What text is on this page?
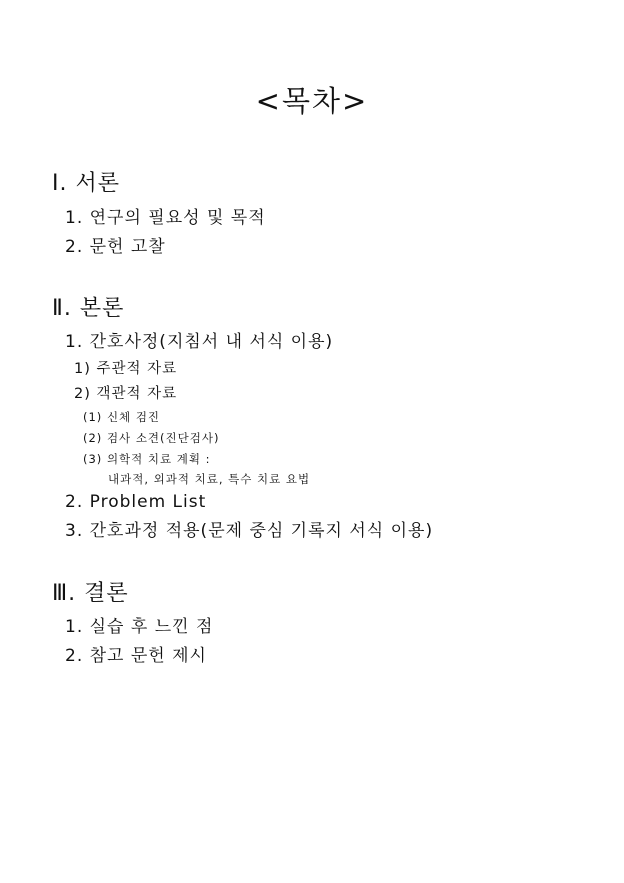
<목차>
Ⅰ. 서론
1. 연구의 필요성 및 목적
2. 문헌 고찰
Ⅱ. 본론
1. 간호사정(지침서 내 서식 이용)
1) 주관적 자료
2) 객관적 자료
(1) 신체 검진
(2) 검사 소견(진단검사)
(3) 의학적 치료 계획 :
내과적, 외과적 치료, 특수 치료 요법
2. Problem List
3. 간호과정 적용(문제 중심 기록지 서식 이용)
Ⅲ. 결론
1. 실습 후 느낀 점
2. 참고 문헌 제시
